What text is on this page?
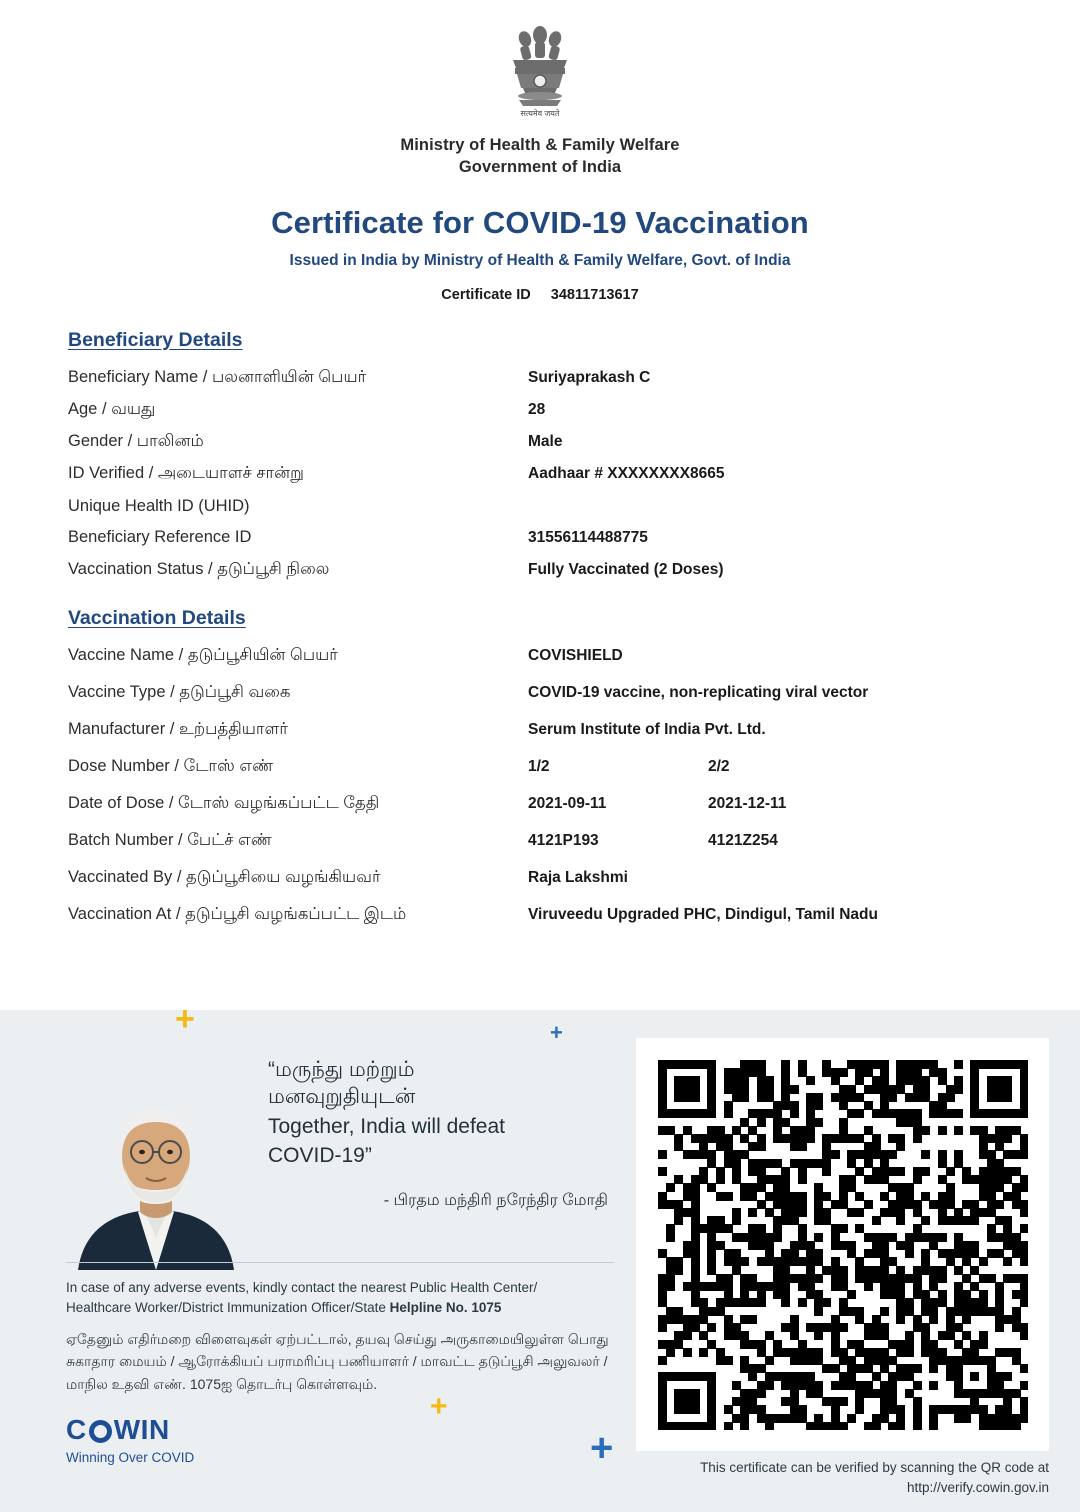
सत्यमेव जयते
Ministry of Health & Family Welfare
Government of India
Certificate for COVID-19 Vaccination
Issued in India by Ministry of Health & Family Welfare, Govt. of India
Certificate ID 34811713617
Beneficiary Details
Beneficiary Name / பலனாளியின் பெயர்	Suriyaprakash C
Age / வயது	28
Gender / பாலினம்	Male
ID Verified / அடையாளச் சான்று	Aadhaar # XXXXXXXX8665
Unique Health ID (UHID)
Beneficiary Reference ID	31556114488775
Vaccination Status / தடுப்பூசி நிலை	Fully Vaccinated (2 Doses)
Vaccination Details
Vaccine Name / தடுப்பூசியின் பெயர்	COVISHIELD
Vaccine Type / தடுப்பூசி வகை	COVID-19 vaccine, non-replicating viral vector
Manufacturer / உற்பத்தியாளர்	Serum Institute of India Pvt. Ltd.
Dose Number / டோஸ் எண்	1/2	2/2
Date of Dose / டோஸ் வழங்கப்பட்ட தேதி	2021-09-11	2021-12-11
Batch Number / பேட்ச் எண்	4121P193	4121Z254
Vaccinated By / தடுப்பூசியை வழங்கியவர்	Raja Lakshmi
Vaccination At / தடுப்பூசி வழங்கப்பட்ட இடம்	Viruveedu Upgraded PHC, Dindigul, Tamil Nadu
+	+
+
+
“மருந்து மற்றும்
மனவுறுதியுடன்
Together, India will defeat
COVID-19”
- பிரதம மந்திரி நரேந்திர மோதி
In case of any adverse events, kindly contact the nearest Public Health Center/
Healthcare Worker/District Immunization Officer/State Helpline No. 1075
ஏதேனும் எதிர்மறை விளைவுகள் ஏற்பட்டால், தயவு செய்து அருகாமையிலுள்ள பொது
சுகாதார மையம் / ஆரோக்கியப் பராமரிப்பு பணியாளர் / மாவட்ட தடுப்பூசி அலுவலர் /
மாநில உதவி எண். 1075ஐ தொடர்பு கொள்ளவும்.
C WIN
Winning Over COVID
This certificate can be verified by scanning the QR code at
http://verify.cowin.gov.in
